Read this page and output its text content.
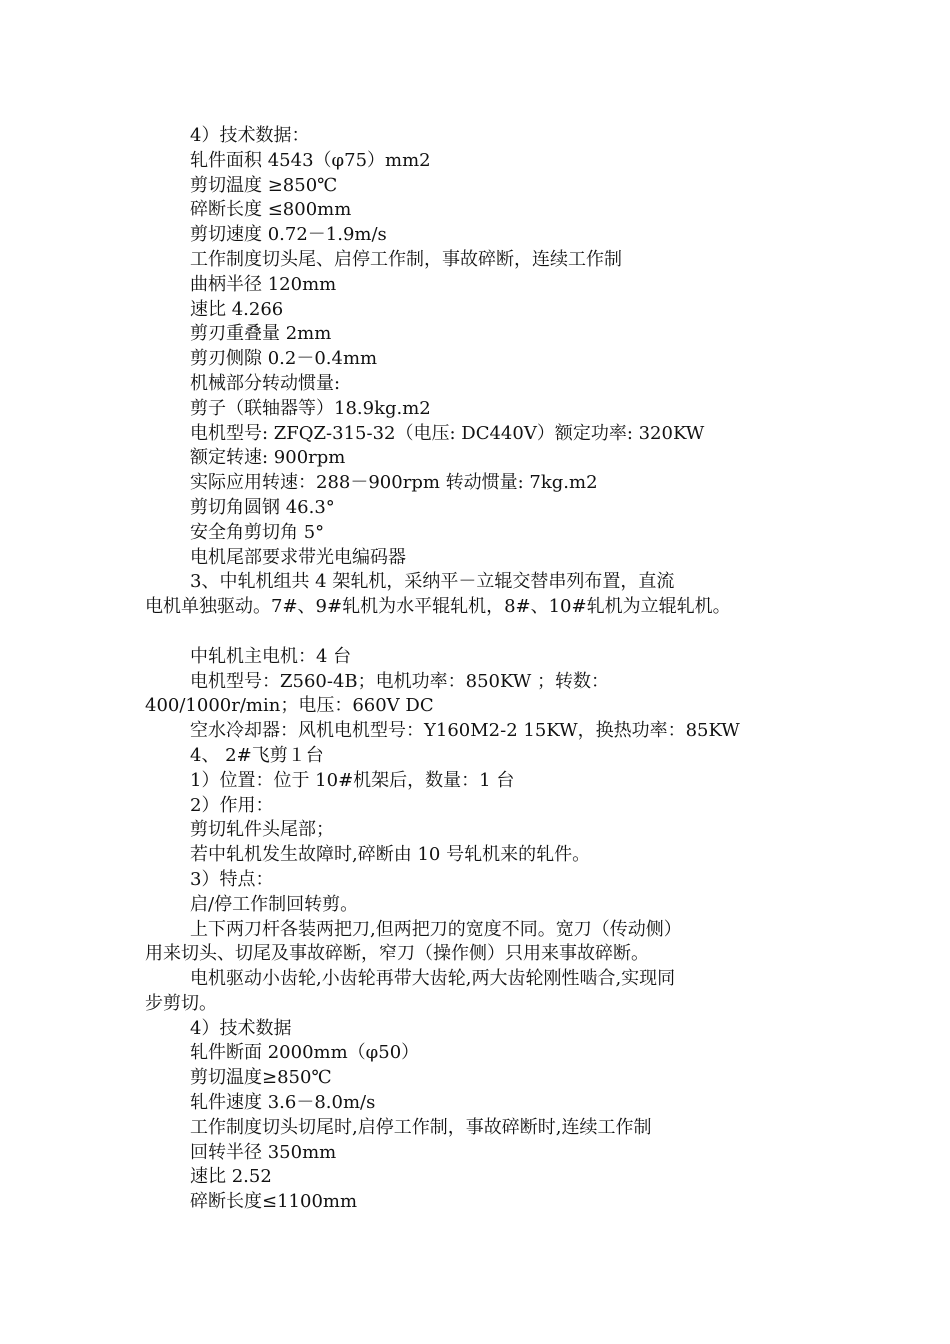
4）技术数据：

轧件面积 4543（φ75）mm2

剪切温度 ≥850℃

碎断长度 ≤800mm

剪切速度 0.72－1.9m/s

工作制度切头尾、启停工作制，事故碎断，连续工作制

曲柄半径 120mm

速比 4.266

剪刃重叠量 2mm

剪刃侧隙 0.2－0.4mm

机械部分转动惯量:

剪子（联轴器等）18.9kg.m2

电机型号: ZFQZ-315-32（电压: DC440V）额定功率: 320KW

额定转速: 900rpm

实际应用转速：288－900rpm 转动惯量: 7kg.m2

剪切角圆钢 46.3°

安全角剪切角 5°

电机尾部要求带光电编码器

3、中轧机组共 4 架轧机，采纳平－立辊交替串列布置，直流

电机单独驱动。7#、9#轧机为水平辊轧机，8#、10#轧机为立辊轧机。

中轧机主电机：4 台

电机型号：Z560-4B；电机功率：850KW ；转数：

400/1000r/min；电压：660V DC

空水冷却器：风机电机型号：Y160M2-2 15KW，换热功率：85KW

4、 2#飞剪１台

1）位置：位于 10#机架后，数量：1 台

2）作用：

剪切轧件头尾部；

若中轧机发生故障时,碎断由 10 号轧机来的轧件。

3）特点：

启/停工作制回转剪。

上下两刀杆各装两把刀,但两把刀的宽度不同。宽刀（传动侧）

用来切头、切尾及事故碎断，窄刀（操作侧）只用来事故碎断。

电机驱动小齿轮,小齿轮再带大齿轮,两大齿轮刚性啮合,实现同

步剪切。

4）技术数据

轧件断面 2000mm（φ50）

剪切温度≥850℃

轧件速度 3.6－8.0m/s

工作制度切头切尾时,启停工作制，事故碎断时,连续工作制

回转半径 350mm

速比 2.52

碎断长度≤1100mm
